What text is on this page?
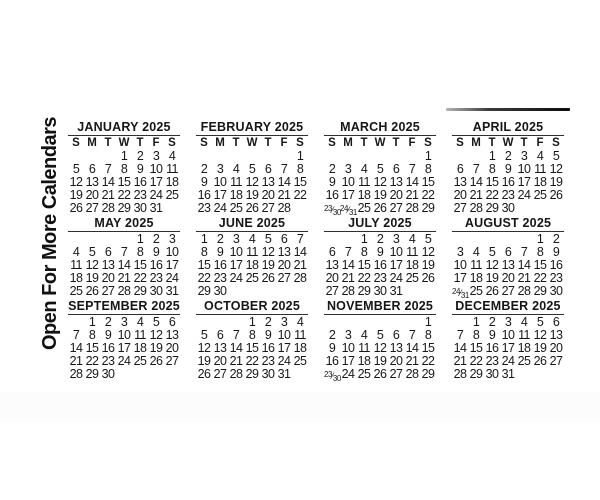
Open For More Calendars	JANUARY 2025
S M T W T F S
1 2 3 4
5 6 7 8 9 10 11
12 13 14 15 16 17 18
19 20 21 22 23 24 25
26 27 28 29 30 31
FEBRUARY 2025
S M T W T F S
1
2 3 4 5 6 7 8
9 10 11 12 13 14 15
16 17 18 19 20 21 22
23 24 25 26 27 28
MARCH 2025
S M T W T F S
1
2 3 4 5 6 7 8
9 10 11 12 13 14 15
16 17 18 19 20 21 22
23⁄30 24⁄31 25 26 27 28 29
APRIL 2025
S M T W T F S
1 2 3 4 5
6 7 8 9 10 11 12
13 14 15 16 17 18 19
20 21 22 23 24 25 26
27 28 29 30
MAY 2025
1 2 3
4 5 6 7 8 9 10
11 12 13 14 15 16 17
18 19 20 21 22 23 24
25 26 27 28 29 30 31
JUNE 2025
1 2 3 4 5 6 7
8 9 10 11 12 13 14
15 16 17 18 19 20 21
22 23 24 25 26 27 28
29 30
JULY 2025
1 2 3 4 5
6 7 8 9 10 11 12
13 14 15 16 17 18 19
20 21 22 23 24 25 26
27 28 29 30 31
AUGUST 2025
1 2
3 4 5 6 7 8 9
10 11 12 13 14 15 16
17 18 19 20 21 22 23
24⁄31 25 26 27 28 29 30
SEPTEMBER 2025
1 2 3 4 5 6
7 8 9 10 11 12 13
14 15 16 17 18 19 20
21 22 23 24 25 26 27
28 29 30
OCTOBER 2025
1 2 3 4
5 6 7 8 9 10 11
12 13 14 15 16 17 18
19 20 21 22 23 24 25
26 27 28 29 30 31
NOVEMBER 2025
1
2 3 4 5 6 7 8
9 10 11 12 13 14 15
16 17 18 19 20 21 22
23⁄30 24 25 26 27 28 29
DECEMBER 2025
1 2 3 4 5 6
7 8 9 10 11 12 13
14 15 16 17 18 19 20
21 22 23 24 25 26 27
28 29 30 31
